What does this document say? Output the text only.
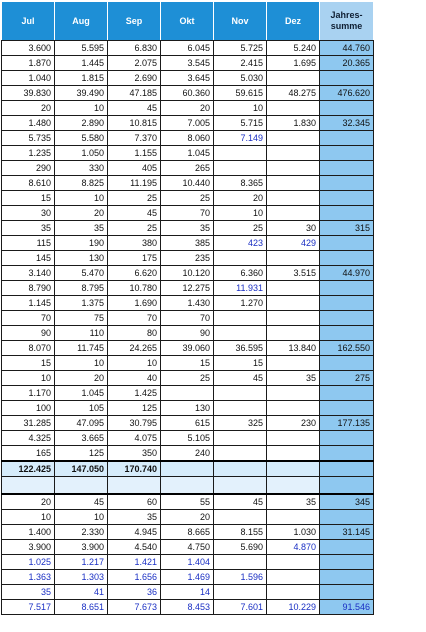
Jul	Aug	Sep	Okt	Nov	Dez	Jahres-
summe
3.600	5.595	6.830	6.045	5.725	5.240	44.760
1.870	1.445	2.075	3.545	2.415	1.695	20.365
1.040	1.815	2.690	3.645	5.030		
39.830	39.490	47.185	60.360	59.615	48.275	476.620
20	10	45	20	10		
1.480	2.890	10.815	7.005	5.715	1.830	32.345
5.735	5.580	7.370	8.060	7.149		
1.235	1.050	1.155	1.045			
290	330	405	265			
8.610	8.825	11.195	10.440	8.365		
15	10	25	25	20		
30	20	45	70	10		
35	35	25	35	25	30	315
115	190	380	385	423	429	
145	130	175	235			
3.140	5.470	6.620	10.120	6.360	3.515	44.970
8.790	8.795	10.780	12.275	11.931		
1.145	1.375	1.690	1.430	1.270		
70	75	70	70			
90	110	80	90			
8.070	11.745	24.265	39.060	36.595	13.840	162.550
15	10	10	15	15		
10	20	40	25	45	35	275
1.170	1.045	1.425				
100	105	125	130			
31.285	47.095	30.795	615	325	230	177.135
4.325	3.665	4.075	5.105			
165	125	350	240			
122.425	147.050	170.740				

20	45	60	55	45	35	345
10	10	35	20			
1.400	2.330	4.945	8.665	8.155	1.030	31.145
3.900	3.900	4.540	4.750	5.690	4.870	
1.025	1.217	1.421	1.404			
1.363	1.303	1.656	1.469	1.596		
35	41	36	14			
7.517	8.651	7.673	8.453	7.601	10.229	91.546
